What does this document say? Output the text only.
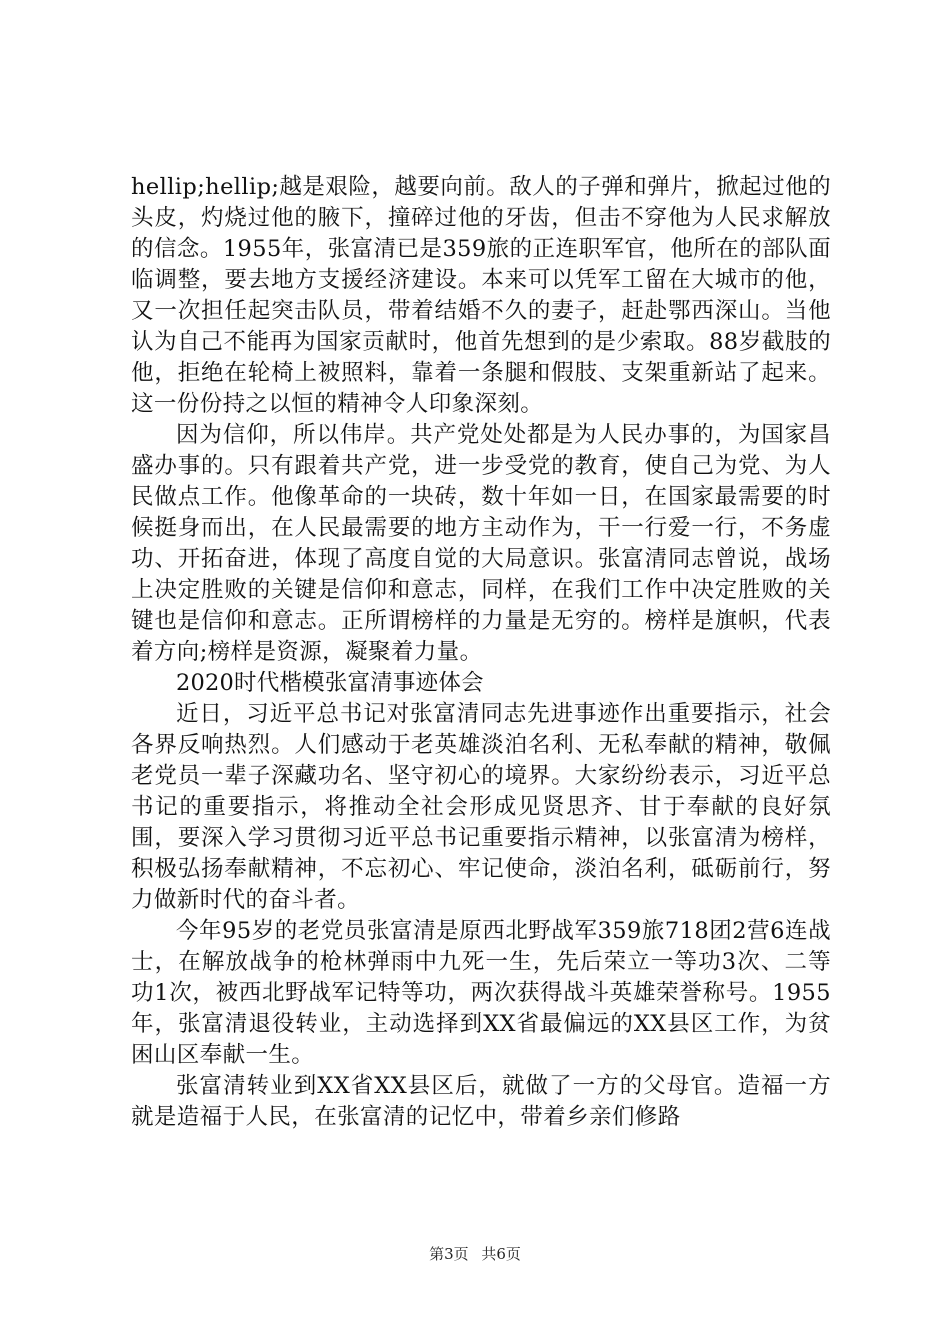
hellip;hellip;越是艰险，越要向前。敌人的子弹和弹片，掀起过他的头皮，灼烧过他的腋下，撞碎过他的牙齿，但击不穿他为人民求解放的信念。1955年，张富清已是359旅的正连职军官，他所在的部队面临调整，要去地方支援经济建设。本来可以凭军工留在大城市的他，又一次担任起突击队员，带着结婚不久的妻子，赶赴鄂西深山。当他认为自己不能再为国家贡献时，他首先想到的是少索取。88岁截肢的他，拒绝在轮椅上被照料，靠着一条腿和假肢、支架重新站了起来。这一份份持之以恒的精神令人印象深刻。

因为信仰，所以伟岸。共产党处处都是为人民办事的，为国家昌盛办事的。只有跟着共产党，进一步受党的教育，使自己为党、为人民做点工作。他像革命的一块砖，数十年如一日，在国家最需要的时候挺身而出，在人民最需要的地方主动作为，干一行爱一行，不务虚功、开拓奋进，体现了高度自觉的大局意识。张富清同志曾说，战场上决定胜败的关键是信仰和意志，同样，在我们工作中决定胜败的关键也是信仰和意志。正所谓榜样的力量是无穷的。榜样是旗帜，代表着方向;榜样是资源，凝聚着力量。

2020时代楷模张富清事迹体会

近日，习近平总书记对张富清同志先进事迹作出重要指示，社会各界反响热烈。人们感动于老英雄淡泊名利、无私奉献的精神，敬佩老党员一辈子深藏功名、坚守初心的境界。大家纷纷表示，习近平总书记的重要指示，将推动全社会形成见贤思齐、甘于奉献的良好氛围，要深入学习贯彻习近平总书记重要指示精神，以张富清为榜样，积极弘扬奉献精神，不忘初心、牢记使命，淡泊名利，砥砺前行，努力做新时代的奋斗者。

今年95岁的老党员张富清是原西北野战军359旅718团2营6连战士，在解放战争的枪林弹雨中九死一生，先后荣立一等功3次、二等功1次，被西北野战军记特等功，两次获得战斗英雄荣誉称号。1955年，张富清退役转业，主动选择到XX省最偏远的XX县区工作，为贫困山区奉献一生。

张富清转业到XX省XX县区后，就做了一方的父母官。造福一方就是造福于人民，在张富清的记忆中，带着乡亲们修路

第3页 共6页
